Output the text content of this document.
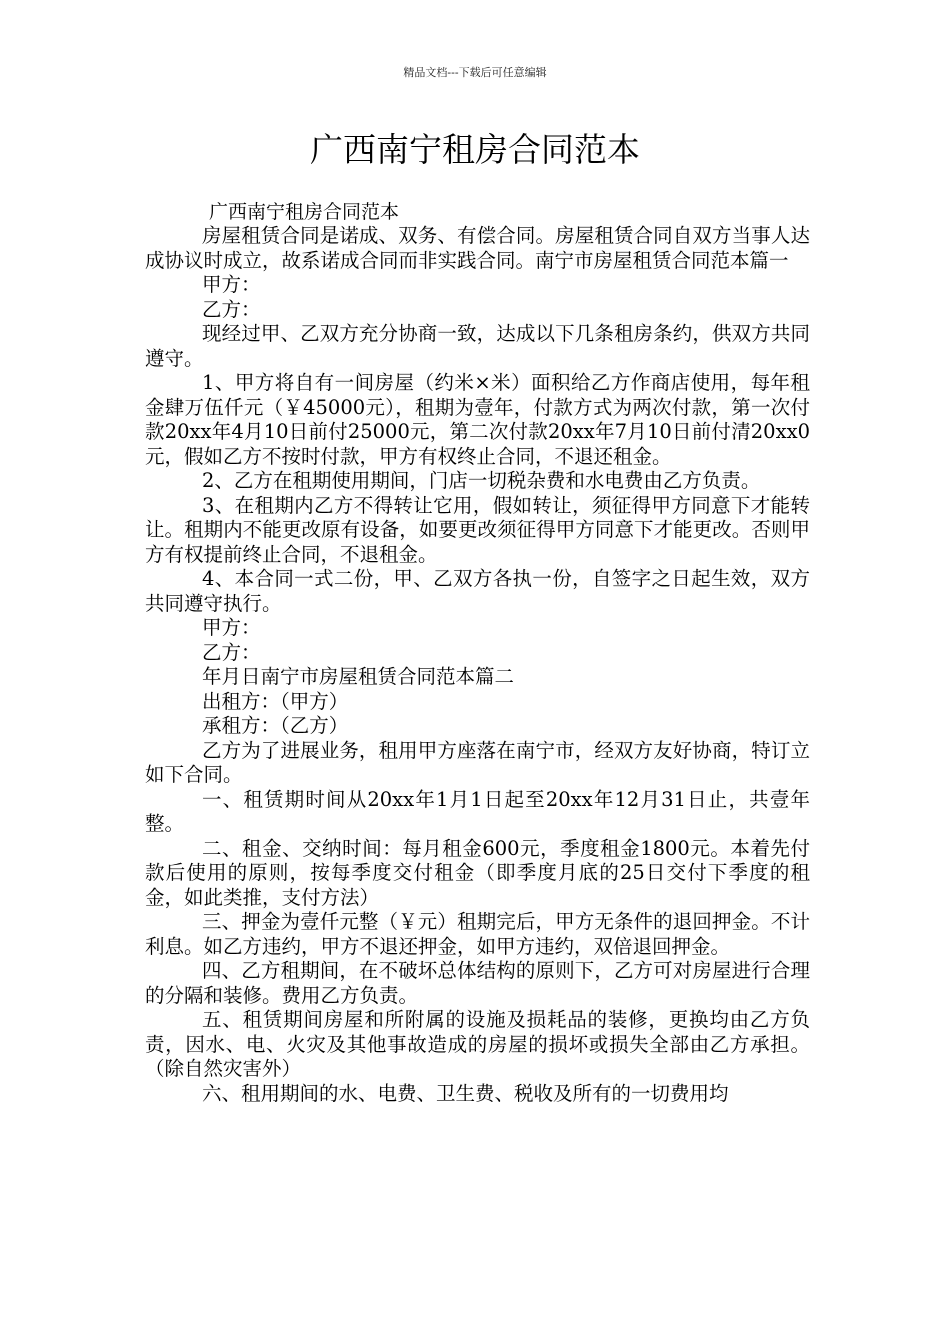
精品文档---下载后可任意编辑
广西南宁租房合同范本

广西南宁租房合同范本

房屋租赁合同是诺成、双务、有偿合同。房屋租赁合同自双方当事人达成协议时成立，故系诺成合同而非实践合同。南宁市房屋租赁合同范本篇一

甲方：

乙方：

现经过甲、乙双方充分协商一致，达成以下几条租房条约，供双方共同遵守。

1、甲方将自有一间房屋（约米×米）面积给乙方作商店使用，每年租金肆万伍仟元（￥45000元），租期为壹年，付款方式为两次付款，第一次付款20xx年4月10日前付25000元，第二次付款20xx年7月10日前付清20xx0元，假如乙方不按时付款，甲方有权终止合同，不退还租金。

2、乙方在租期使用期间，门店一切税杂费和水电费由乙方负责。

3、在租期内乙方不得转让它用，假如转让，须征得甲方同意下才能转让。租期内不能更改原有设备，如要更改须征得甲方同意下才能更改。否则甲方有权提前终止合同，不退租金。

4、本合同一式二份，甲、乙双方各执一份，自签字之日起生效，双方共同遵守执行。

甲方：

乙方：

年月日南宁市房屋租赁合同范本篇二

出租方：（甲方）

承租方：（乙方）

乙方为了进展业务，租用甲方座落在南宁市，经双方友好协商，特订立如下合同。

一、租赁期时间从20xx年1月1日起至20xx年12月31日止，共壹年整。

二、租金、交纳时间：每月租金600元，季度租金1800元。本着先付款后使用的原则，按每季度交付租金（即季度月底的25日交付下季度的租金，如此类推，支付方法）

三、押金为壹仟元整（￥元）租期完后，甲方无条件的退回押金。不计利息。如乙方违约，甲方不退还押金，如甲方违约，双倍退回押金。

四、乙方租期间，在不破坏总体结构的原则下，乙方可对房屋进行合理的分隔和装修。费用乙方负责。

五、租赁期间房屋和所附属的设施及损耗品的装修，更换均由乙方负责，因水、电、火灾及其他事故造成的房屋的损坏或损失全部由乙方承担。（除自然灾害外）

六、租用期间的水、电费、卫生费、税收及所有的一切费用均
